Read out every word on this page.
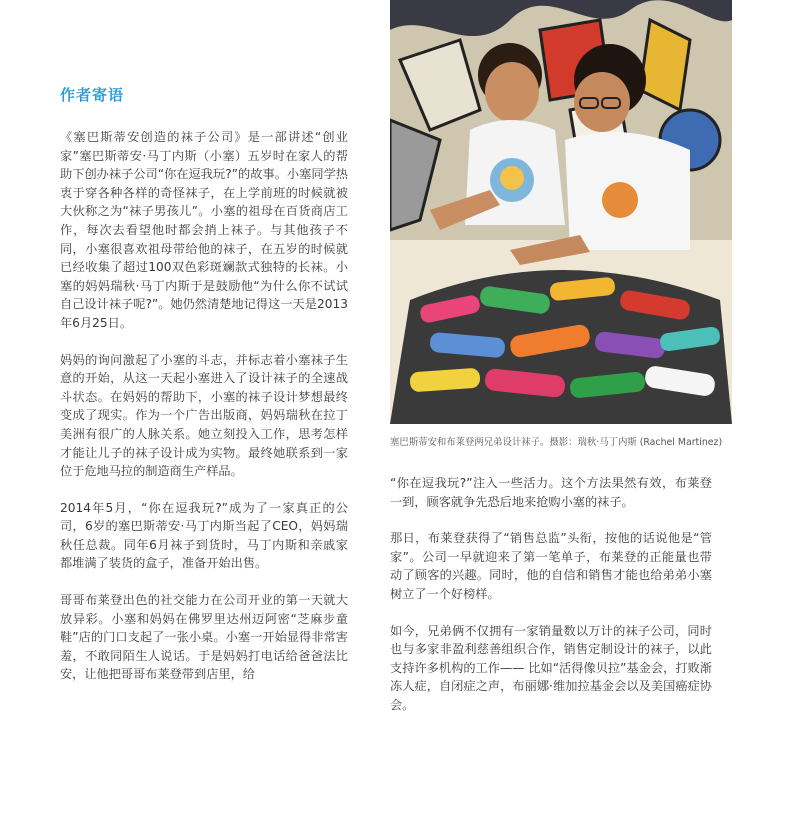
作者寄语

《塞巴斯蒂安创造的袜子公司》是一部讲述“创业家”塞巴斯蒂安·马丁内斯（小塞）五岁时在家人的帮助下创办袜子公司“你在逗我玩?”的故事。小塞同学热衷于穿各种各样的奇怪袜子，在上学前班的时候就被大伙称之为“袜子男孩儿”。小塞的祖母在百货商店工作，每次去看望他时都会捎上袜子。与其他孩子不同，小塞很喜欢祖母带给他的袜子，在五岁的时候就已经收集了超过100双色彩斑斓款式独特的长袜。小塞的妈妈瑞秋·马丁内斯于是鼓励他“为什么你不试试自己设计袜子呢?”。她仍然清楚地记得这一天是2013年6月25日。

妈妈的询问激起了小塞的斗志，并标志着小塞袜子生意的开始，从这一天起小塞进入了设计袜子的全速战斗状态。在妈妈的帮助下，小塞的袜子设计梦想最终变成了现实。作为一个广告出版商，妈妈瑞秋在拉丁美洲有很广的人脉关系。她立刻投入工作，思考怎样才能让儿子的袜子设计成为实物。最终她联系到一家位于危地马拉的制造商生产样品。

2014年5月，“你在逗我玩?”成为了一家真正的公司，6岁的塞巴斯蒂安·马丁内斯当起了CEO，妈妈瑞秋任总裁。同年6月袜子到货时，马丁内斯和亲戚家都堆满了装货的盒子，准备开始出售。

哥哥布莱登出色的社交能力在公司开业的第一天就大放异彩。小塞和妈妈在佛罗里达州迈阿密“芝麻步童鞋”店的门口支起了一张小桌。小塞一开始显得非常害羞，不敢同陌生人说话。于是妈妈打电话给爸爸法比安，让他把哥哥布莱登带到店里，给

塞巴斯蒂安和布莱登两兄弟设计袜子。摄影：瑞秋·马丁内斯 (Rachel Martinez)

“你在逗我玩?”注入一些活力。这个方法果然有效，布莱登一到，顾客就争先恐后地来抢购小塞的袜子。

那日，布莱登获得了“销售总监”头衔，按他的话说他是“管家”。公司一早就迎来了第一笔单子，布莱登的正能量也带动了顾客的兴趣。同时，他的自信和销售才能也给弟弟小塞树立了一个好榜样。

如今，兄弟俩不仅拥有一家销量数以万计的袜子公司，同时也与多家非盈利慈善组织合作，销售定制设计的袜子，以此支持许多机构的工作—— 比如“活得像贝拉”基金会，打败渐冻人症，自闭症之声，布丽娜·维加拉基金会以及美国癌症协会。
